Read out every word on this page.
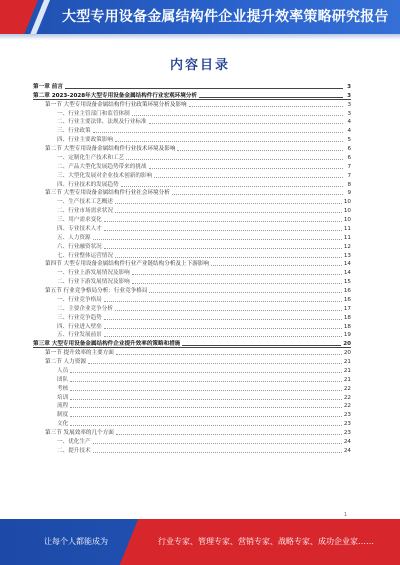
大型专用设备金属结构件企业提升效率策略研究报告
内容目录
第一章 前言	3
第二章 2023-2028年大型专用设备金属结构件行业宏观环境分析	3
第一节 大型专用设备金属结构件行业政策环境分析及影响	3
一、行业主管部门和监管体制	3
二、行业主要法律、法规及行业标准	4
三、行业政策	4
四、行业主要政策影响	5
第二节 大型专用设备金属结构件行业技术环境及影响	6
一、定制化生产技术和工艺	6
二、产品大型化发展趋势带来的挑战	7
三、大型化发展对企业技术创新的影响	7
四、行业技术的发展趋势	8
第三节 大型专用设备金属结构件行业社会环境分析	9
一、生产技术工艺概述	10
二、行业市场需求状况	10
三、用户需求变化	10
四、专业技术人才	11
五、人力资源	11
六、行业融资状况	12
七、行业整体运营情况	13
第四节 大型专用设备金属结构件行业产业链结构分析及上下游影响	14
一、行业上游发展情况及影响	14
二、行业下游发展情况及影响	15
第五节 行业竞争格局分析：行业竞争格局	16
一、行业竞争格局	16
二、主要企业竞争分析	17
三、行业竞争趋势	18
四、行业进入壁垒	18
五、行业发展前景	19
第三章 大型专用设备金属结构件企业提升效率的策略和措施	20
第一节 提升效率的主要方面	20
第二节 人力资源	21
人员	21
团队	21
考核	22
培训	22
流程	22
制度	23
文化	23
第三节 发展效率的几个方面	23
一、优化生产	24
二、提升技术	24
1
让每个人都能成为	行业专家、管理专家、营销专家、战略专家、成功企业家……
